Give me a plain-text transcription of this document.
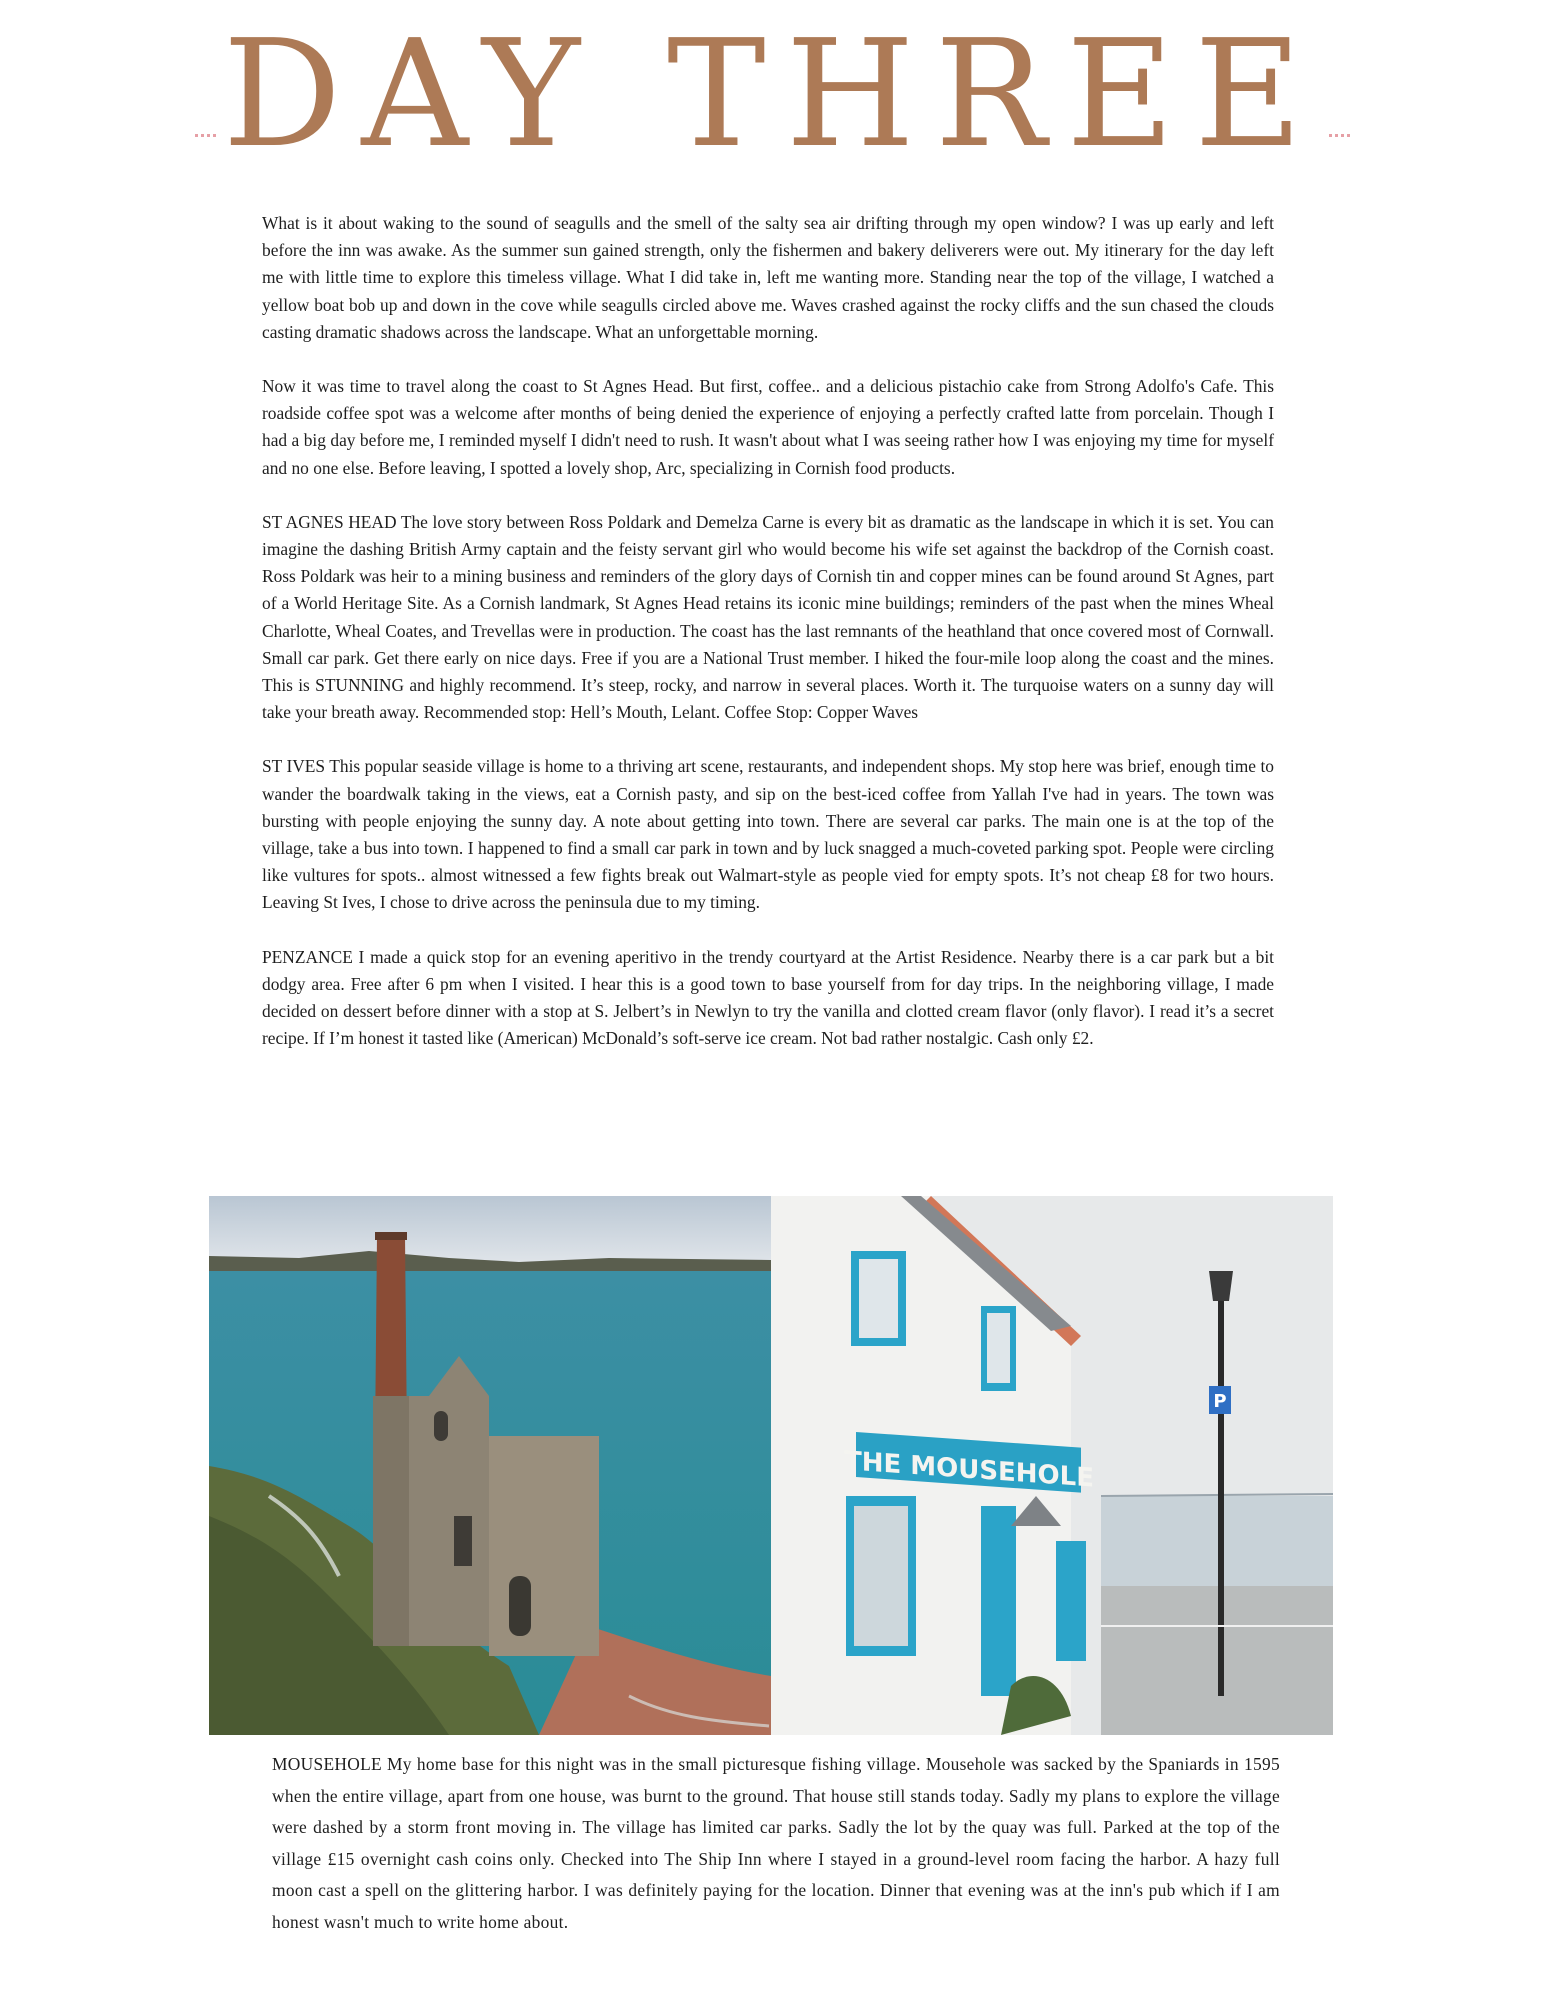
DAY THREE

What is it about waking to the sound of seagulls and the smell of the salty sea air drifting through my open window? I was up early and left before the inn was awake. As the summer sun gained strength, only the fishermen and bakery deliverers were out. My itinerary for the day left me with little time to explore this timeless village. What I did take in, left me wanting more. Standing near the top of the village, I watched a yellow boat bob up and down in the cove while seagulls circled above me. Waves crashed against the rocky cliffs and the sun chased the clouds casting dramatic shadows across the landscape. What an unforgettable morning.

Now it was time to travel along the coast to St Agnes Head. But first, coffee.. and a delicious pistachio cake from Strong Adolfo's Cafe. This roadside coffee spot was a welcome after months of being denied the experience of enjoying a perfectly crafted latte from porcelain. Though I had a big day before me, I reminded myself I didn't need to rush. It wasn't about what I was seeing rather how I was enjoying my time for myself and no one else. Before leaving, I spotted a lovely shop, Arc, specializing in Cornish food products.

ST AGNES HEAD The love story between Ross Poldark and Demelza Carne is every bit as dramatic as the landscape in which it is set. You can imagine the dashing British Army captain and the feisty servant girl who would become his wife set against the backdrop of the Cornish coast. Ross Poldark was heir to a mining business and reminders of the glory days of Cornish tin and copper mines can be found around St Agnes, part of a World Heritage Site. As a Cornish landmark, St Agnes Head retains its iconic mine buildings; reminders of the past when the mines Wheal Charlotte, Wheal Coates, and Trevellas were in production. The coast has the last remnants of the heathland that once covered most of Cornwall. Small car park. Get there early on nice days. Free if you are a National Trust member. I hiked the four-mile loop along the coast and the mines. This is STUNNING and highly recommend. It’s steep, rocky, and narrow in several places. Worth it. The turquoise waters on a sunny day will take your breath away. Recommended stop: Hell’s Mouth, Lelant. Coffee Stop: Copper Waves

ST IVES This popular seaside village is home to a thriving art scene, restaurants, and independent shops. My stop here was brief, enough time to wander the boardwalk taking in the views, eat a Cornish pasty, and sip on the best-iced coffee from Yallah I've had in years. The town was bursting with people enjoying the sunny day. A note about getting into town. There are several car parks. The main one is at the top of the village, take a bus into town. I happened to find a small car park in town and by luck snagged a much-coveted parking spot. People were circling like vultures for spots.. almost witnessed a few fights break out Walmart-style as people vied for empty spots. It’s not cheap £8 for two hours. Leaving St Ives, I chose to drive across the peninsula due to my timing.

PENZANCE I made a quick stop for an evening aperitivo in the trendy courtyard at the Artist Residence. Nearby there is a car park but a bit dodgy area. Free after 6 pm when I visited. I hear this is a good town to base yourself from for day trips. In the neighboring village, I made decided on dessert before dinner with a stop at S. Jelbert’s in Newlyn to try the vanilla and clotted cream flavor (only flavor). I read it’s a secret recipe. If I’m honest it tasted like (American) McDonald’s soft-serve ice cream. Not bad rather nostalgic. Cash only £2.

THE MOUSEHOLE
P

MOUSEHOLE My home base for this night was in the small picturesque fishing village. Mousehole was sacked by the Spaniards in 1595 when the entire village, apart from one house, was burnt to the ground. That house still stands today. Sadly my plans to explore the village were dashed by a storm front moving in. The village has limited car parks. Sadly the lot by the quay was full. Parked at the top of the village £15 overnight cash coins only. Checked into The Ship Inn where I stayed in a ground-level room facing the harbor. A hazy full moon cast a spell on the glittering harbor. I was definitely paying for the location. Dinner that evening was at the inn's pub which if I am honest wasn't much to write home about.
